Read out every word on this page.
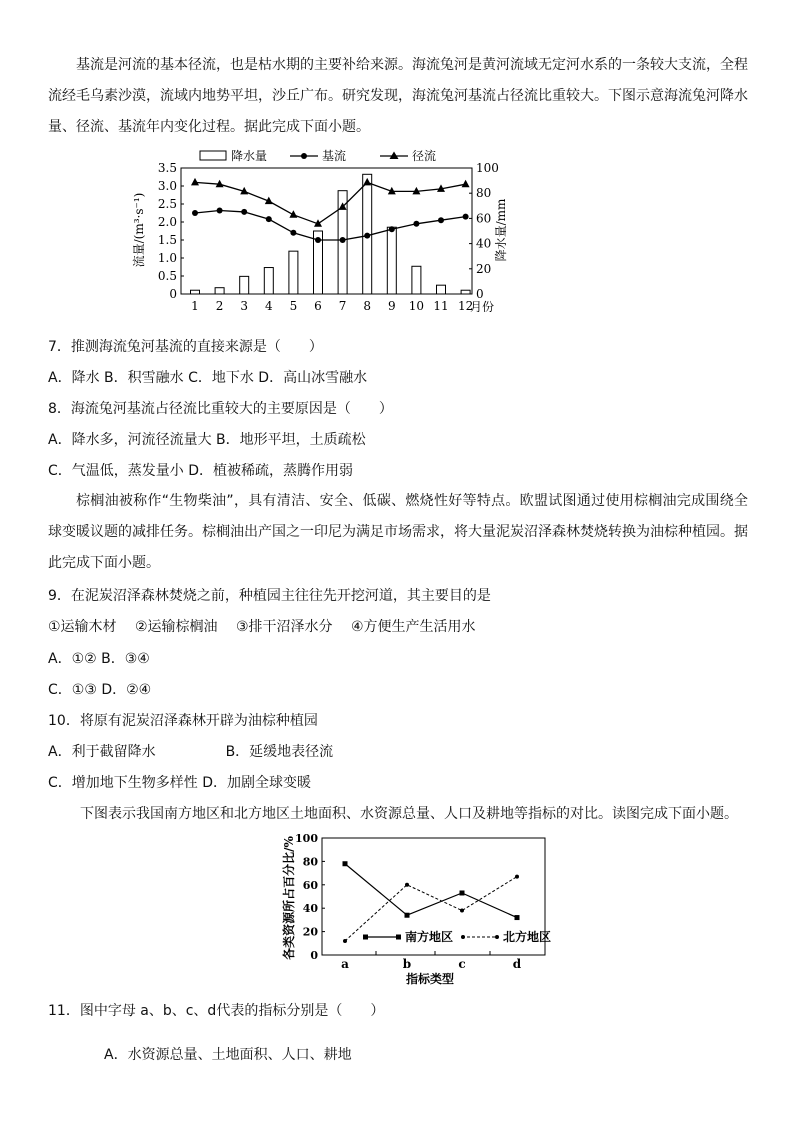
基流是河流的基本径流，也是枯水期的主要补给来源。海流兔河是黄河流域无定河水系的一条较大支流，全程流经毛乌素沙漠，流域内地势平坦，沙丘广布。研究发现，海流兔河基流占径流比重较大。下图示意海流兔河降水量、径流、基流年内变化过程。据此完成下面小题。

0
0.5
1.0
1.5
2.0
2.5
3.0
3.5
0
20
40
60
80
100
1 2 3 4 5 6 7 8 9 10 11 12
降水量	基流	径流
流量/(m³·s⁻¹)	降水量/mm
月份

7．推测海流兔河基流的直接来源是（　　）

A．降水 B．积雪融水 C．地下水 D．高山冰雪融水

8．海流兔河基流占径流比重较大的主要原因是（　　）

A．降水多，河流径流量大 B．地形平坦，土质疏松

C．气温低，蒸发量小 D．植被稀疏，蒸腾作用弱

棕榈油被称作“生物柴油”，具有清洁、安全、低碳、燃烧性好等特点。欧盟试图通过使用棕榈油完成围绕全球变暖议题的减排任务。棕榈油出产国之一印尼为满足市场需求，将大量泥炭沼泽森林焚烧转换为油棕种植园。据此完成下面小题。

9．在泥炭沼泽森林焚烧之前，种植园主往往先开挖河道，其主要目的是

①运输木材　 ②运输棕榈油　 ③排干沼泽水分　 ④方便生产生活用水

A．①② B．③④

C．①③ D．②④

10．将原有泥炭沼泽森林开辟为油棕种植园

A．利于截留降水　　　　　B．延缓地表径流

C．增加地下生物多样性 D．加剧全球变暖

下图表示我国南方地区和北方地区土地面积、水资源总量、人口及耕地等指标的对比。读图完成下面小题。

0
20
40
60
80
100
a	b	c	d
南方地区	北方地区
各类资源所占百分比/%
指标类型

11．图中字母 a、b、c、d代表的指标分别是（　　）

A．水资源总量、土地面积、人口、耕地
